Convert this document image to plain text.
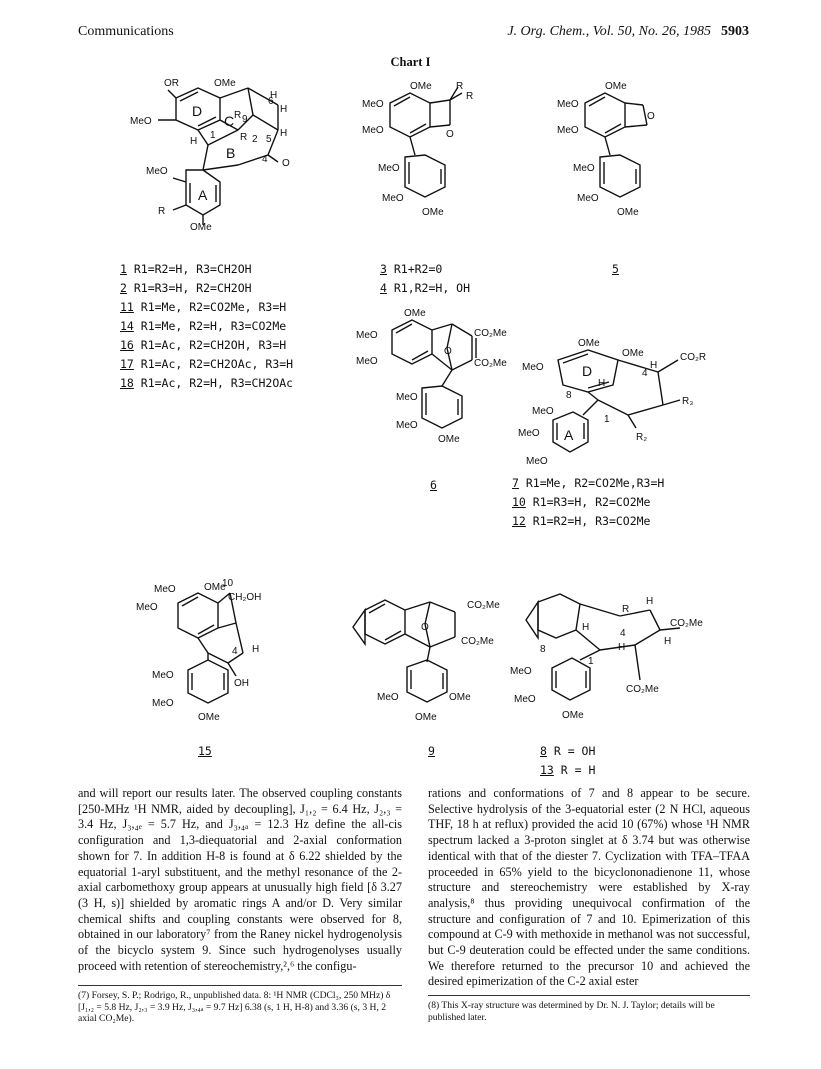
Communications	J. Org. Chem., Vol. 50, No. 26, 1985 5903
Chart I
OR	OMe
MeO
H
H
H
H
MeO
R
OMe
O
6
5
2
4
1
9
R
R
D
C
B
A
OMe
MeO
MeO
R
R
O
MeO
MeO
OMe
OMe
MeO
MeO
O
MeO
MeO
OMe
1 R1=R2=H, R3=CH2OH
2 R1=R3=H, R2=CH2OH
11 R1=Me, R2=CO2Me, R3=H
14 R1=Me, R2=H, R3=CO2Me
16 R1=Ac, R2=CH2OH, R3=H
17 R1=Ac, R2=CH2OAc, R3=H
18 R1=Ac, R2=H, R3=CH2OAc
3 R1+R2=0
4 R1,R2=H, OH
5
OMe
MeO
MeO
CO₂Me
CO₂Me
O
MeO
MeO
OMe
OMe
OMe
MeO	H
H
8
4
CO₂R
R₃
R₂
1
MeO
MeO
MeO
D
A
6	7 R1=Me, R2=CO2Me,R3=H
10 R1=R3=H, R2=CO2Me
12 R1=R2=H, R3=CO2Me
MeO
MeO
OMe
10
CH₂OH
H
4
OH
MeO
MeO
OMe
CO₂Me
CO₂Me
O
MeO	OMe
OMe
H
R
CO₂Me
8
H
4
H
H
1
MeO
MeO
OMe
CO₂Me
15	9	8 R = OH
13 R = H
and will report our results later. The observed coupling constants [250-MHz ¹H NMR, aided by decoupling], J₁,₂ = 6.4 Hz, J₂,₃ = 3.4 Hz, J₃,₄ₑ = 5.7 Hz, and J₃,₄ₐ = 12.3 Hz define the all-cis configuration and 1,3-diequatorial and 2-axial conformation shown for 7. In addition H-8 is found at δ 6.22 shielded by the equatorial 1-aryl substituent, and the methyl resonance of the 2-axial carbomethoxy group appears at unusually high field [δ 3.27 (3 H, s)] shielded by aromatic rings A and/or D. Very similar chemical shifts and coupling constants were observed for 8, obtained in our laboratory⁷ from the Raney nickel hydrogenolysis of the bicyclo system 9. Since such hydrogenolyses usually proceed with retention of stereochemistry,²,⁶ the configu-
rations and conformations of 7 and 8 appear to be secure. Selective hydrolysis of the 3-equatorial ester (2 N HCl, aqueous THF, 18 h at reflux) provided the acid 10 (67%) whose ¹H NMR spectrum lacked a 3-proton singlet at δ 3.74 but was otherwise identical with that of the diester 7. Cyclization with TFA–TFAA proceeded in 65% yield to the bicyclononadienone 11, whose structure and stereochemistry were established by X-ray analysis,⁸ thus providing unequivocal confirmation of the structure and configuration of 7 and 10. Epimerization of this compound at C-9 with methoxide in methanol was not successful, but C-9 deuteration could be effected under the same conditions. We therefore returned to the precursor 10 and achieved the desired epimerization of the C-2 axial ester
(7) Forsey, S. P.; Rodrigo, R., unpublished data. 8: ¹H NMR (CDCl₃, 250 MHz) δ [J₁,₂ = 5.8 Hz, J₂,₃ = 3.9 Hz, J₃,₄ₐ = 9.7 Hz] 6.38 (s, 1 H, H-8) and 3.36 (s, 3 H, 2 axial CO₂Me).
(8) This X-ray structure was determined by Dr. N. J. Taylor; details will be published later.
